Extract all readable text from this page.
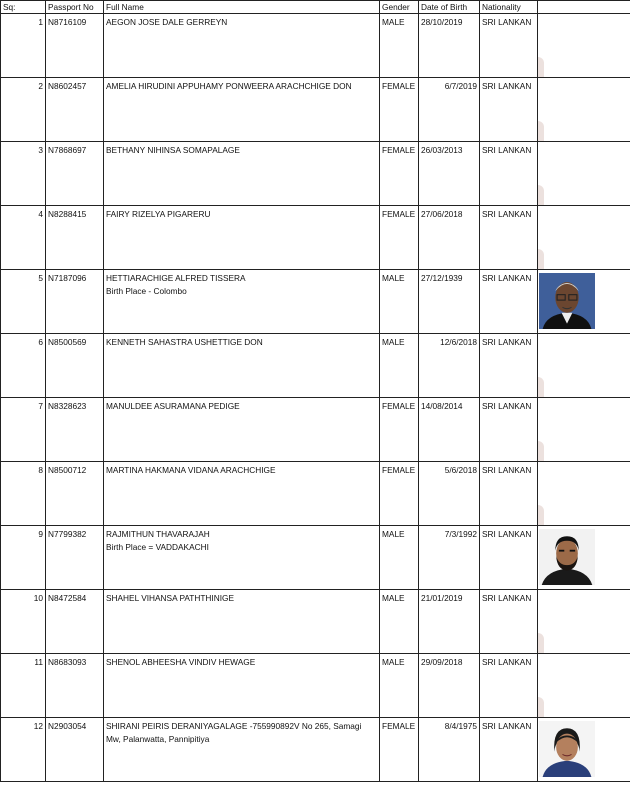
Sq:	Passport No	Full Name	Gender	Date of Birth	Nationality	
1	N8716109	AEGON JOSE DALE GERREYN	MALE	28/10/2019	SRI LANKAN	

2	N8602457	AMELIA HIRUDINI APPUHAMY PONWEERA ARACHCHIGE DON	FEMALE	6/7/2019	SRI LANKAN	

3	N7868697	BETHANY NIHINSA SOMAPALAGE	FEMALE	26/03/2013	SRI LANKAN	

4	N8288415	FAIRY RIZELYA PIGARERU	FEMALE	27/06/2018	SRI LANKAN	

5	N7187096	HETTIARACHIGE ALFRED TISSERA
Birth Place - Colombo	MALE	27/12/1939	SRI LANKAN	

6	N8500569	KENNETH SAHASTRA USHETTIGE DON	MALE	12/6/2018	SRI LANKAN	

7	N8328623	MANULDEE ASURAMANA PEDIGE	FEMALE	14/08/2014	SRI LANKAN	

8	N8500712	MARTINA HAKMANA VIDANA ARACHCHIGE	FEMALE	5/6/2018	SRI LANKAN	

9	N7799382	RAJMITHUN THAVARAJAH
Birth Place = VADDAKACHI	MALE	7/3/1992	SRI LANKAN	

10	N8472584	SHAHEL VIHANSA PATHTHINIGE	MALE	21/01/2019	SRI LANKAN	

11	N8683093	SHENOL ABHEESHA VINDIV HEWAGE	MALE	29/09/2018	SRI LANKAN	

12	N2903054	SHIRANI PEIRIS DERANIYAGALAGE -755990892V No 265, Samagi
Mw, Palanwatta, Pannipitiya	FEMALE	8/4/1975	SRI LANKAN	
